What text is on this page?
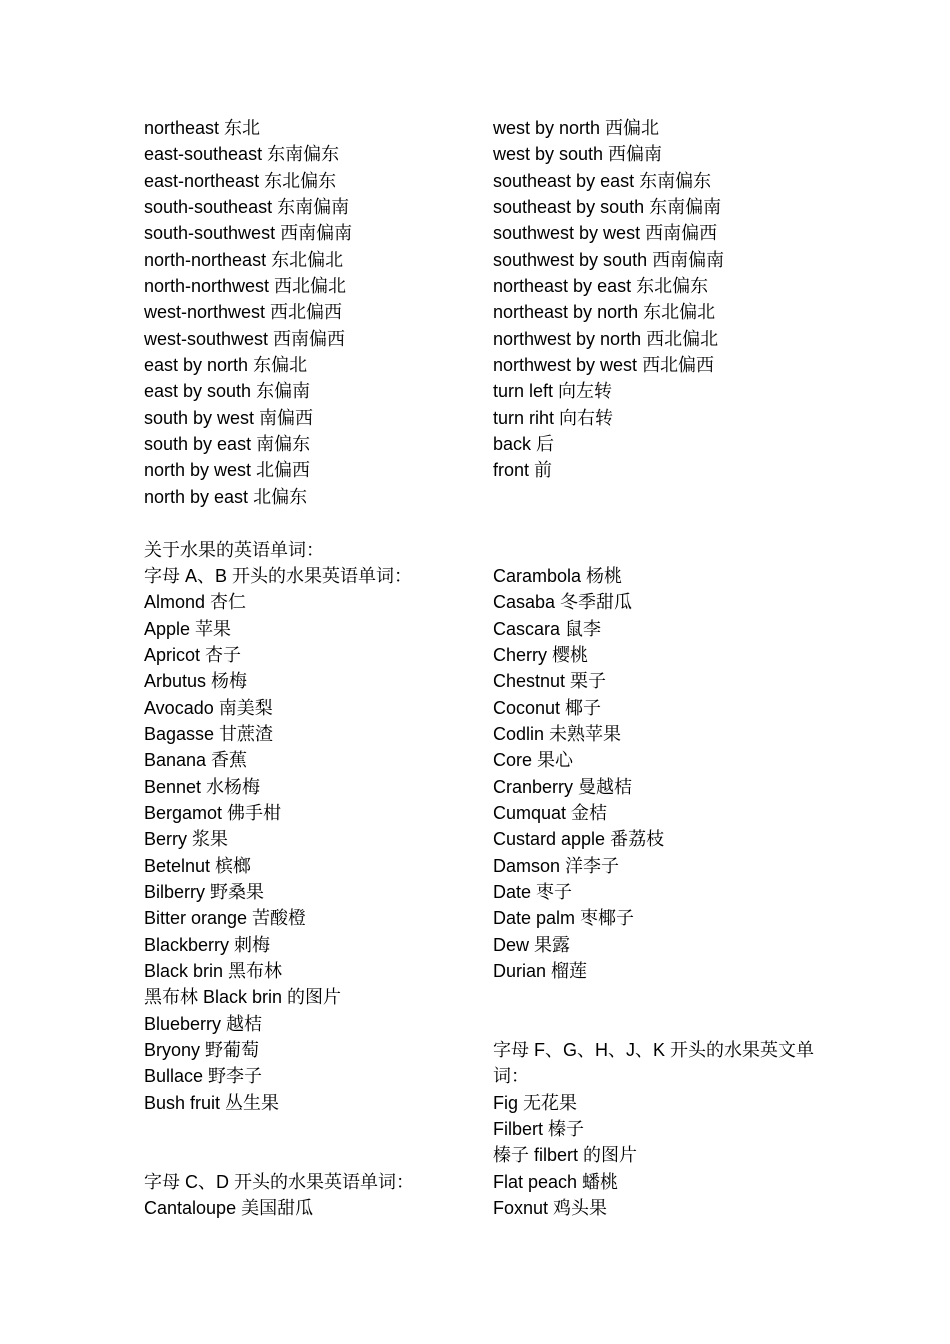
northeast 东北
east-southeast 东南偏东
east-northeast 东北偏东
south-southeast 东南偏南
south-southwest 西南偏南
north-northeast 东北偏北
north-northwest 西北偏北
west-northwest 西北偏西
west-southwest 西南偏西
east by north 东偏北
east by south 东偏南
south by west 南偏西
south by east 南偏东
north by west 北偏西
north by east 北偏东
关于水果的英语单词：
字母 A、B 开头的水果英语单词：
Almond 杏仁
Apple 苹果
Apricot 杏子
Arbutus 杨梅
Avocado 南美梨
Bagasse 甘蔗渣
Banana 香蕉
Bennet 水杨梅
Bergamot 佛手柑
Berry 浆果
Betelnut 槟榔
Bilberry 野桑果
Bitter orange 苦酸橙
Blackberry 刺梅
Black brin 黑布林
黑布林 Black brin 的图片
Blueberry 越桔
Bryony 野葡萄
Bullace 野李子
Bush fruit 丛生果
字母 C、D 开头的水果英语单词：
Cantaloupe 美国甜瓜
west by north 西偏北
west by south 西偏南
southeast by east 东南偏东
southeast by south 东南偏南
southwest by west 西南偏西
southwest by south 西南偏南
northeast by east 东北偏东
northeast by north 东北偏北
northwest by north 西北偏北
northwest by west 西北偏西
turn left 向左转
turn riht 向右转
back 后
front 前
Carambola 杨桃
Casaba 冬季甜瓜
Cascara 鼠李
Cherry 樱桃
Chestnut 栗子
Coconut 椰子
Codlin 未熟苹果
Core 果心
Cranberry 曼越桔
Cumquat 金桔
Custard apple 番荔枝
Damson 洋李子
Date 枣子
Date palm 枣椰子
Dew 果露
Durian 榴莲
字母 F、G、H、J、K 开头的水果英文单词：
Fig 无花果
Filbert 榛子
榛子 filbert 的图片
Flat peach 蟠桃
Foxnut 鸡头果
